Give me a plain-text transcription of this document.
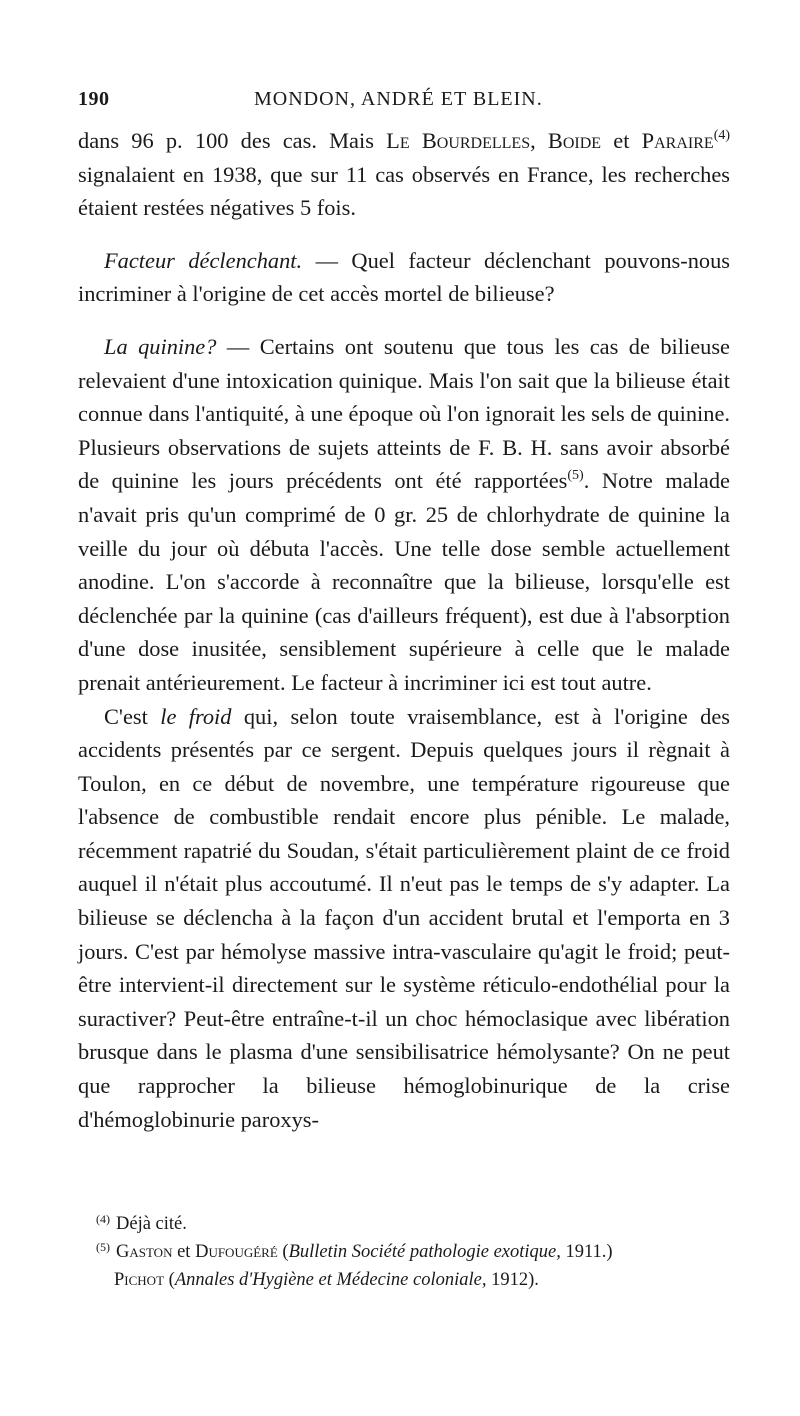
190	MONDON, ANDRÉ ET BLEIN.

dans 96 p. 100 des cas. Mais Le Bourdelles, Boide et Paraire$^{(4)}$ signalaient en 1938, que sur 11 cas observés en France, les recherches étaient restées négatives 5 fois.

Facteur déclenchant. — Quel facteur déclenchant pouvons-nous incriminer à l'origine de cet accès mortel de bilieuse?

La quinine? — Certains ont soutenu que tous les cas de bilieuse relevaient d'une intoxication quinique. Mais l'on sait que la bilieuse était connue dans l'antiquité, à une époque où l'on ignorait les sels de quinine. Plusieurs observations de sujets atteints de F. B. H. sans avoir absorbé de quinine les jours précédents ont été rapportées$^{(5)}$. Notre malade n'avait pris qu'un comprimé de 0 gr. 25 de chlorhydrate de quinine la veille du jour où débuta l'accès. Une telle dose semble actuellement anodine. L'on s'accorde à reconnaître que la bilieuse, lorsqu'elle est déclenchée par la quinine (cas d'ailleurs fréquent), est due à l'absorption d'une dose inusitée, sensiblement supérieure à celle que le malade prenait antérieurement. Le facteur à incriminer ici est tout autre.

C'est le froid qui, selon toute vraisemblance, est à l'origine des accidents présentés par ce sergent. Depuis quelques jours il règnait à Toulon, en ce début de novembre, une température rigoureuse que l'absence de combustible rendait encore plus pénible. Le malade, récemment rapatrié du Soudan, s'était particulièrement plaint de ce froid auquel il n'était plus accoutumé. Il n'eut pas le temps de s'y adapter. La bilieuse se déclencha à la façon d'un accident brutal et l'emporta en 3 jours. C'est par hémolyse massive intra-vasculaire qu'agit le froid; peut-être intervient-il directement sur le système réticulo-endothélial pour la suractiver? Peut-être entraîne-t-il un choc hémoclasique avec libération brusque dans le plasma d'une sensibilisatrice hémolysante? On ne peut que rapprocher la bilieuse hémoglobinurique de la crise d'hémoglobinurie paroxys-

$^{(4)}$ Déjà cité.

$^{(5)}$ Gaston et Dufougéré (Bulletin Société pathologie exotique, 1911.)

Pichot (Annales d'Hygiène et Médecine coloniale, 1912).
